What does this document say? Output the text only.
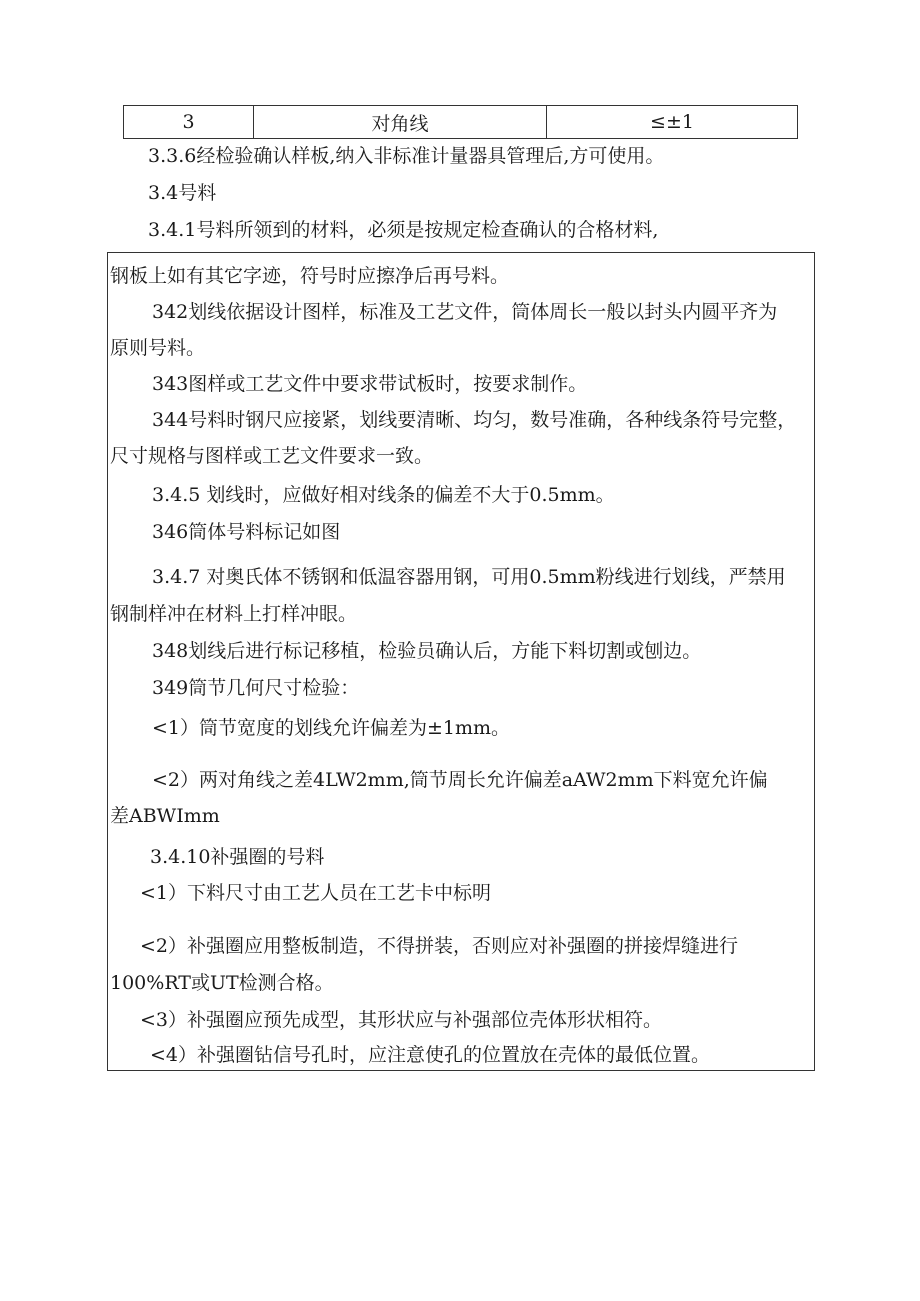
3	对角线	≤±1
3.3.6经检验确认样板,纳入非标准计量器具管理后,方可使用。
3.4号料
3.4.1号料所领到的材料，必须是按规定检查确认的合格材料,
钢板上如有其它字迹，符号时应擦净后再号料。
342划线依据设计图样，标准及工艺文件，筒体周长一般以封头内圆平齐为
原则号料。
343图样或工艺文件中要求带试板时，按要求制作。
344号料时钢尺应接紧，划线要清晰、均匀，数号准确，各种线条符号完整，
尺寸规格与图样或工艺文件要求一致。
3.4.5 划线时，应做好相对线条的偏差不大于0.5mm。
346筒体号料标记如图
3.4.7 对奥氏体不锈钢和低温容器用钢，可用0.5mm粉线进行划线，严禁用
钢制样冲在材料上打样冲眼。
348划线后进行标记移植，检验员确认后，方能下料切割或刨边。
349筒节几何尺寸检验：
<1）筒节宽度的划线允许偏差为±1mm。
<2）两对角线之差4LW2mm,筒节周长允许偏差aAW2mm下料宽允许偏
差ABWImm
3.4.10补强圈的号料
<1）下料尺寸由工艺人员在工艺卡中标明
<2）补强圈应用整板制造，不得拼装，否则应对补强圈的拼接焊缝进行
100%RT或UT检测合格。
<3）补强圈应预先成型，其形状应与补强部位壳体形状相符。
<4）补强圈钻信号孔时，应注意使孔的位置放在壳体的最低位置。
